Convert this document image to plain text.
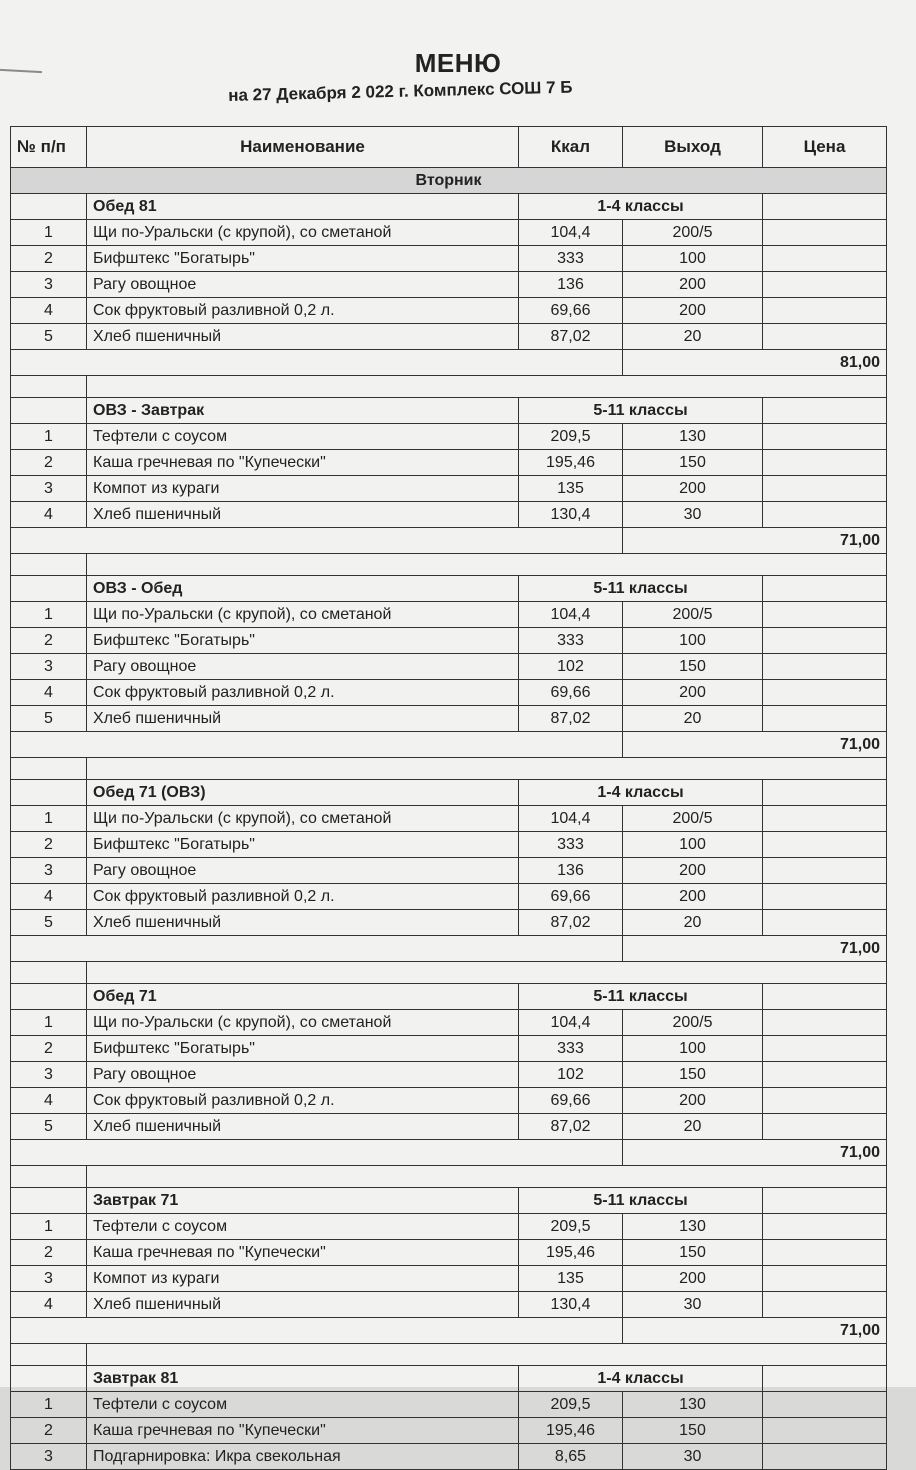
МЕНЮ
на 27 Декабря 2 022 г. Комплекс СОШ 7 Б
№ п/п	Наименование	Ккал	Выход	Цена
Вторник				
	Обед 81	1-4 классы		
1	Щи по-Уральски (с крупой), со сметаной	104,4	200/5	
2	Бифштекс "Богатырь"	333	100	
3	Рагу овощное	136	200	
4	Сок фруктовый разливной 0,2 л.	69,66	200	
5	Хлеб пшеничный	87,02	20	
			81,00	

	ОВЗ - Завтрак	5-11 классы		
1	Тефтели с соусом	209,5	130	
2	Каша гречневая по "Купечески"	195,46	150	
3	Компот из кураги	135	200	
4	Хлеб пшеничный	130,4	30	
			71,00	

	ОВЗ - Обед	5-11 классы		
1	Щи по-Уральски (с крупой), со сметаной	104,4	200/5	
2	Бифштекс "Богатырь"	333	100	
3	Рагу овощное	102	150	
4	Сок фруктовый разливной 0,2 л.	69,66	200	
5	Хлеб пшеничный	87,02	20	
			71,00	

	Обед 71 (ОВЗ)	1-4 классы		
1	Щи по-Уральски (с крупой), со сметаной	104,4	200/5	
2	Бифштекс "Богатырь"	333	100	
3	Рагу овощное	136	200	
4	Сок фруктовый разливной 0,2 л.	69,66	200	
5	Хлеб пшеничный	87,02	20	
			71,00	

	Обед 71	5-11 классы		
1	Щи по-Уральски (с крупой), со сметаной	104,4	200/5	
2	Бифштекс "Богатырь"	333	100	
3	Рагу овощное	102	150	
4	Сок фруктовый разливной 0,2 л.	69,66	200	
5	Хлеб пшеничный	87,02	20	
			71,00	

	Завтрак 71	5-11 классы		
1	Тефтели с соусом	209,5	130	
2	Каша гречневая по "Купечески"	195,46	150	
3	Компот из кураги	135	200	
4	Хлеб пшеничный	130,4	30	
			71,00	

	Завтрак 81	1-4 классы		
1	Тефтели с соусом	209,5	130	
2	Каша гречневая по "Купечески"	195,46	150	
3	Подгарнировка: Икра свекольная	8,65	30	
